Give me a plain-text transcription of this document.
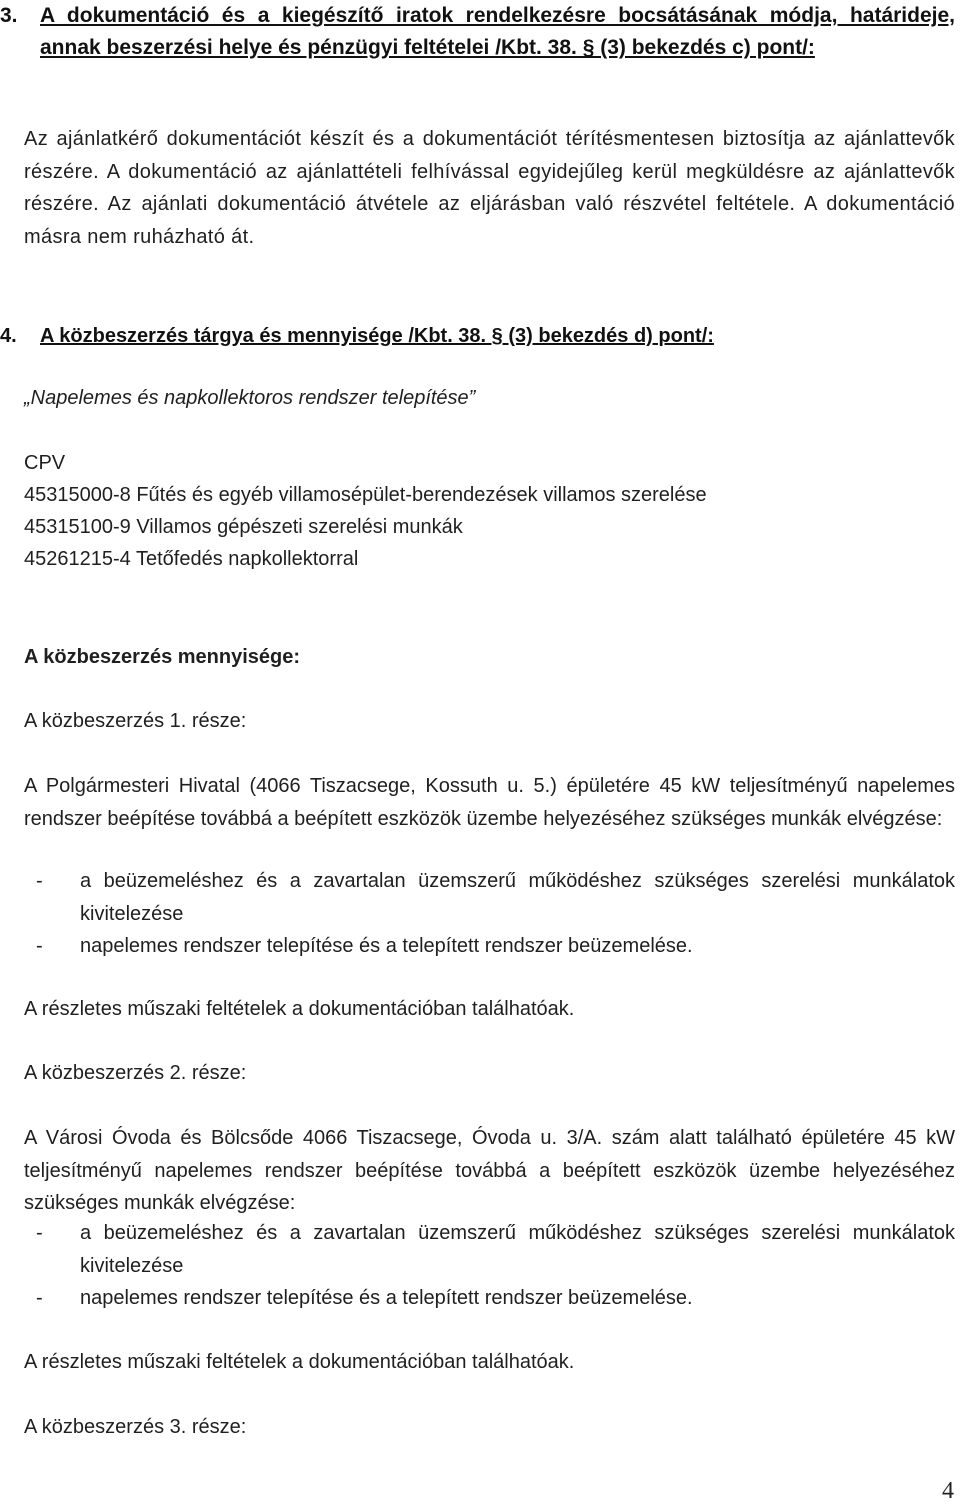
3. A dokumentáció és a kiegészítő iratok rendelkezésre bocsátásának módja, határideje, annak beszerzési helye és pénzügyi feltételei /Kbt. 38. § (3) bekezdés c) pont/:
Az ajánlatkérő dokumentációt készít és a dokumentációt térítésmentesen biztosítja az ajánlattevők részére. A dokumentáció az ajánlattételi felhívással egyidejűleg kerül megküldésre az ajánlattevők részére. Az ajánlati dokumentáció átvétele az eljárásban való részvétel feltétele. A dokumentáció másra nem ruházható át.
4. A közbeszerzés tárgya és mennyisége /Kbt. 38. § (3) bekezdés d) pont/:
„Napelemes és napkollektoros rendszer telepítése”
CPV
45315000-8 Fűtés és egyéb villamosépület-berendezések villamos szerelése
45315100-9 Villamos gépészeti szerelési munkák
45261215-4 Tetőfedés napkollektorral
A közbeszerzés mennyisége:
A közbeszerzés 1. része:
A Polgármesteri Hivatal (4066 Tiszacsege, Kossuth u. 5.) épületére 45 kW teljesítményű napelemes rendszer beépítése továbbá a beépített eszközök üzembe helyezéséhez szükséges munkák elvégzése:
- a beüzemeléshez és a zavartalan üzemszerű működéshez szükséges szerelési munkálatok kivitelezése
- napelemes rendszer telepítése és a telepített rendszer beüzemelése.
A részletes műszaki feltételek a dokumentációban találhatóak.
A közbeszerzés 2. része:
A Városi Óvoda és Bölcsőde 4066 Tiszacsege, Óvoda u. 3/A. szám alatt található épületére 45 kW teljesítményű napelemes rendszer beépítése továbbá a beépített eszközök üzembe helyezéséhez szükséges munkák elvégzése:
- a beüzemeléshez és a zavartalan üzemszerű működéshez szükséges szerelési munkálatok kivitelezése
- napelemes rendszer telepítése és a telepített rendszer beüzemelése.
A részletes műszaki feltételek a dokumentációban találhatóak.
A közbeszerzés 3. része:
4
